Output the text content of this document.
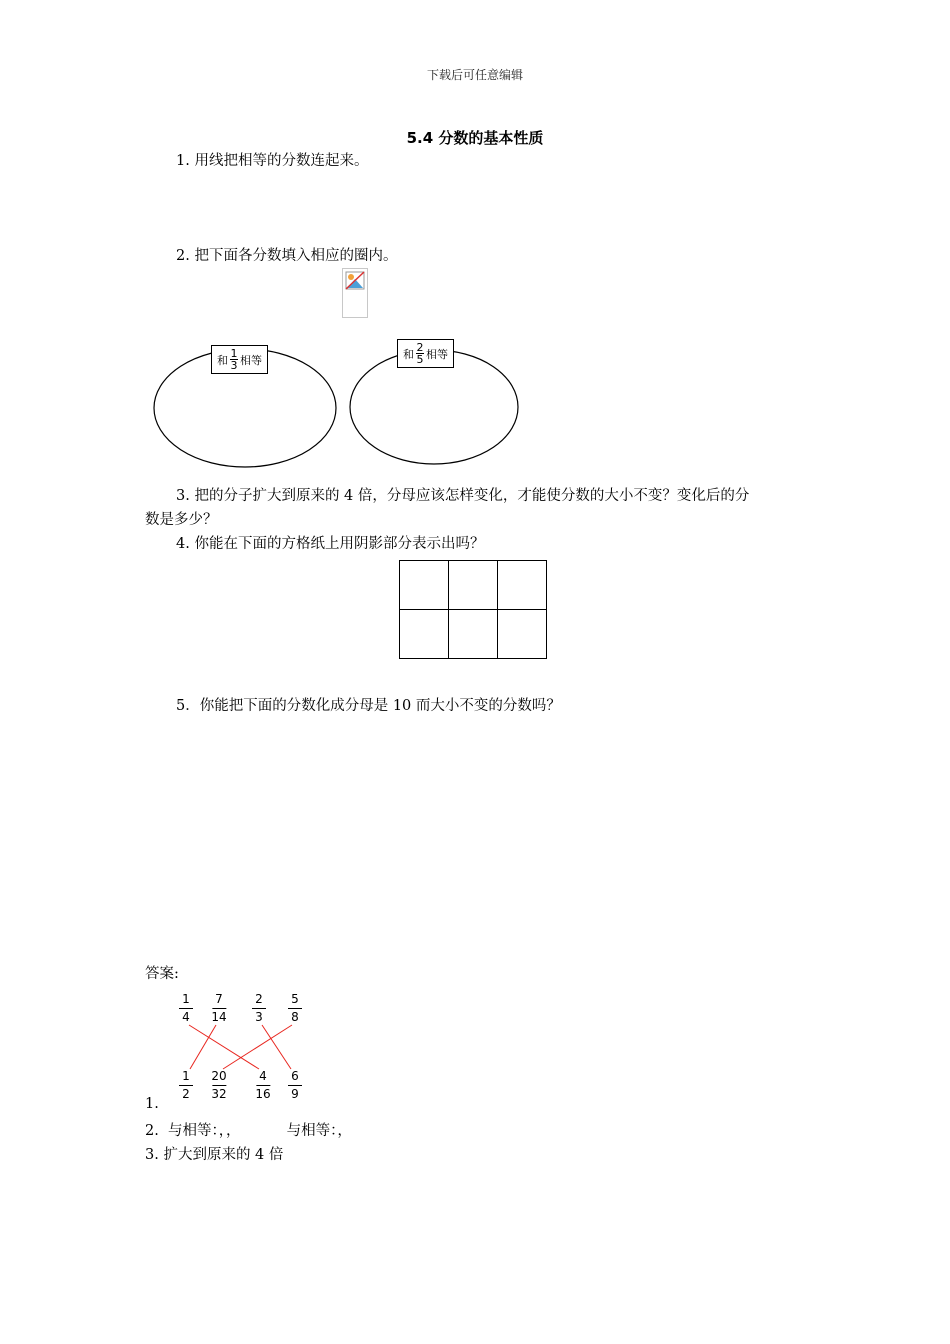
下载后可任意编辑
5.4 分数的基本性质
1. 用线把相等的分数连起来。
2. 把下面各分数填入相应的圈内。
和 $\frac{1}{3}$ 相等	和 $\frac{2}{5}$ 相等
3. 把的分子扩大到原来的 4 倍，分母应该怎样变化，才能使分数的大小不变？变化后的分
数是多少？
4. 你能在下面的方格纸上用阴影部分表示出吗？

5．你能把下面的分数化成分母是 10 而大小不变的分数吗？
答案:
1
4
7
14
2
3
5
8
1
2
20
32
4
16
6
9
1.
2.  与相等：，，          与相等：，
3. 扩大到原来的 4 倍
